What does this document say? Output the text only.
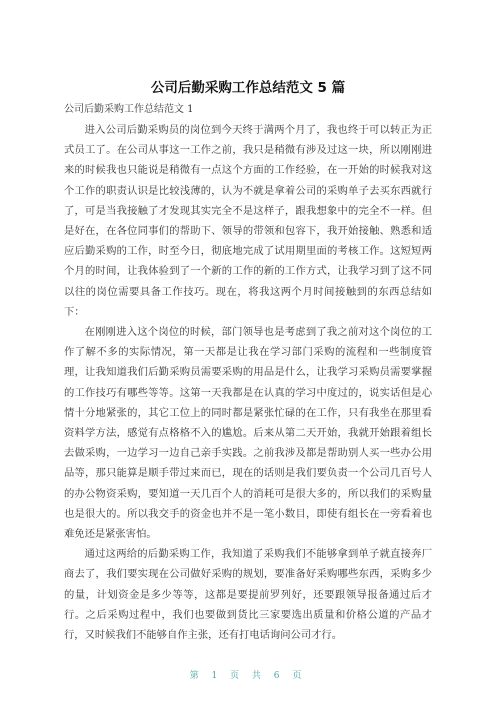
公司后勤采购工作总结范文 5 篇
公司后勤采购工作总结范文 1

进入公司后勤采购员的岗位到今天终于满两个月了，我也终于可以转正为正式员工了。在公司从事这一工作之前，我只是稍微有涉及过这一块，所以刚刚进来的时候我也只能说是稍微有一点这个方面的工作经验，在一开始的时候我对这个工作的职责认识是比较浅薄的，认为不就是拿着公司的采购单子去买东西就行了，可是当我接触了才发现其实完全不是这样子，跟我想象中的完全不一样。但是好在，在各位同事们的帮助下、领导的带领和包容下，我开始接触、熟悉和适应后勤采购的工作，时至今日，彻底地完成了试用期里面的考核工作。这短短两个月的时间，让我体验到了一个新的工作的新的工作方式，让我学习到了这不同以往的岗位需要具备工作技巧。现在，将我这两个月时间接触到的东西总结如下：

在刚刚进入这个岗位的时候，部门领导也是考虑到了我之前对这个岗位的工作了解不多的实际情况，第一天都是让我在学习部门采购的流程和一些制度管理，让我知道我们后勤采购员需要采购的用品是什么，让我学习采购员需要掌握的工作技巧有哪些等等。这第一天我都是在认真的学习中度过的，说实话但是心情十分地紧张的，其它工位上的同时都是紧张忙碌的在工作，只有我坐在那里看资料学方法，感觉有点格格不入的尴尬。后来从第二天开始，我就开始跟着组长去做采购，一边学习一边自己亲手实践。之前我涉及都是帮助别人买一些办公用品等，那只能算是顺手带过来而已，现在的话则是我们要负责一个公司几百号人的办公物资采购，要知道一天几百个人的消耗可是很大多的，所以我们的采购量也是很大的。所以我交手的资金也并不是一笔小数目，即使有组长在一旁看着也难免还是紧张害怕。

通过这两给的后勤采购工作，我知道了采购我们不能够拿到单子就直接奔厂商去了，我们要实现在公司做好采购的规划，要准备好采购哪些东西，采购多少的量，计划资金是多少等等，这都是要提前罗列好，还要跟领导报备通过后才行。之后采购过程中，我们也要做到货比三家要选出质量和价格公道的产品才行，又时候我们不能够自作主张，还有打电话询问公司才行。

第 1 页 共 6 页
